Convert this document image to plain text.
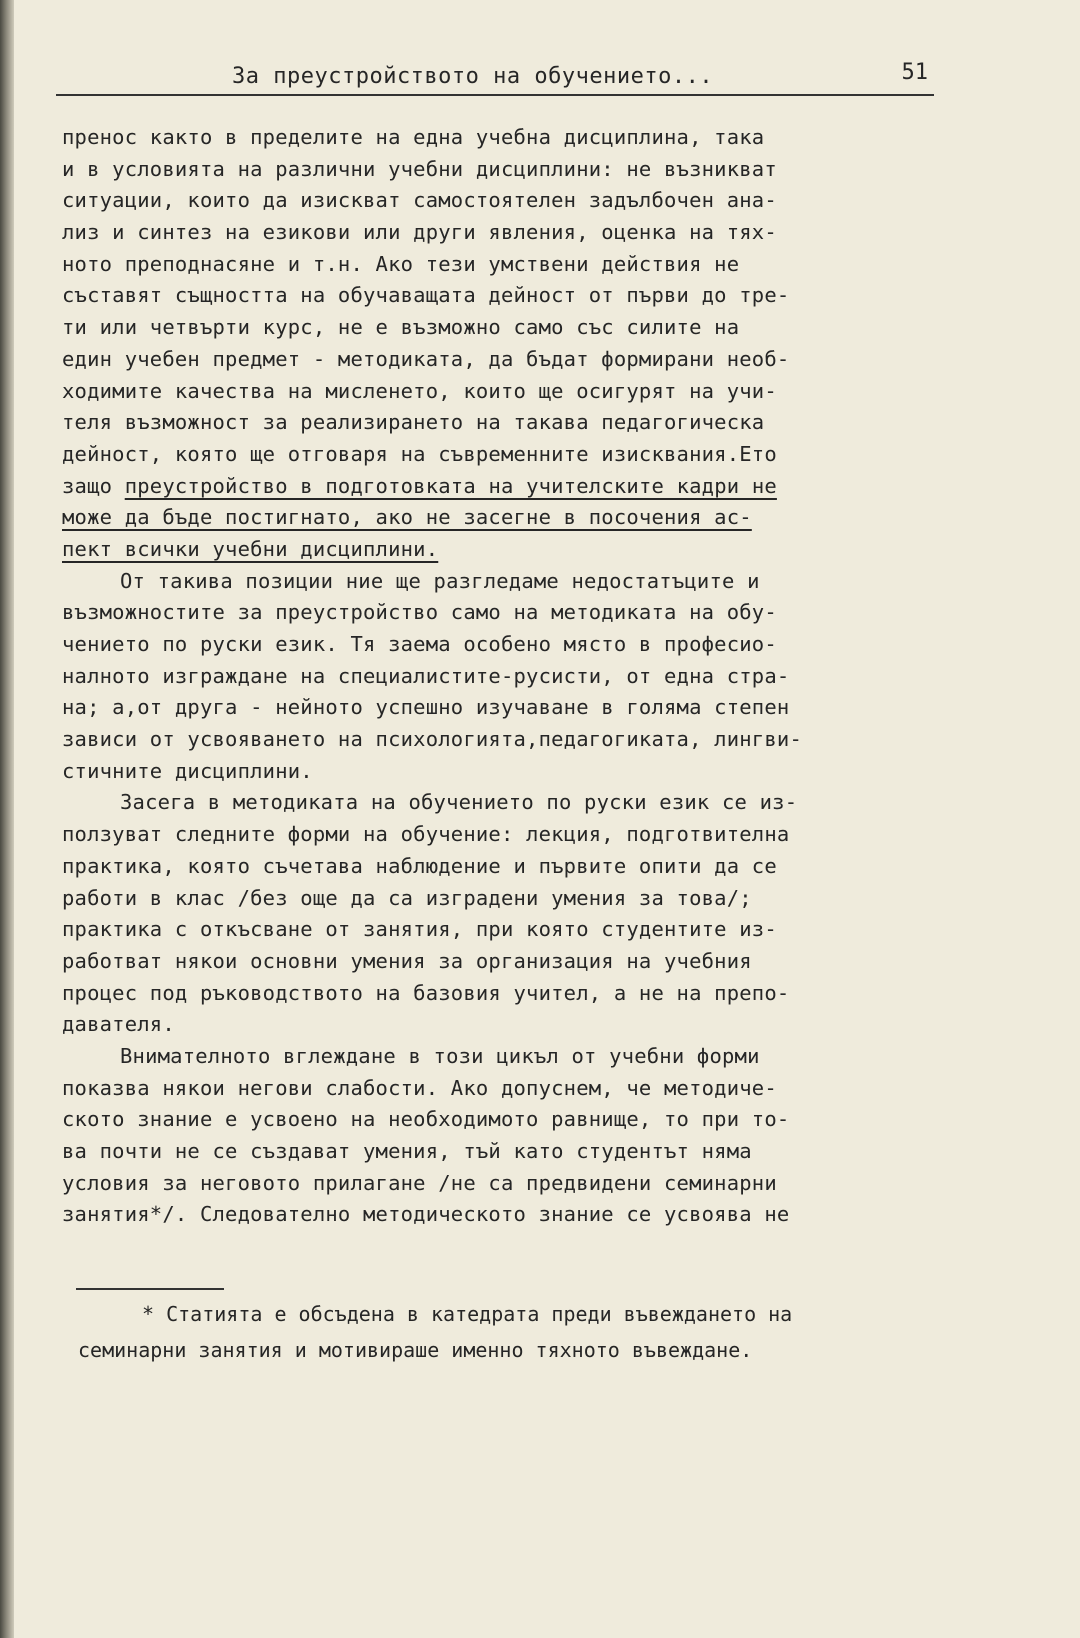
За преустройството на обучението...	51
пренос както в пределите на една учебна дисциплина, така
и в условията на различни учебни дисциплини: не възникват
ситуации, които да изискват самостоятелен задълбочен ана-
лиз и синтез на езикови или други явления, оценка на тях-
ното преподнасяне и т.н. Ако тези умствени действия не
съставят същността на обучаващата дейност от първи до тре-
ти или четвърти курс, не е възможно само със силите на
един учебен предмет - методиката, да бъдат формирани необ-
ходимите качества на мисленето, които ще осигурят на учи-
теля възможност за реализирането на такава педагогическа
дейност, която ще отговаря на съвременните изисквания.Ето
защо преустройство в подготовката на учителските кадри не
може да бъде постигнато, ако не засегне в посочения ас-
пект всички учебни дисциплини.
От такива позиции ние ще разгледаме недостатъците и
възможностите за преустройство само на методиката на обу-
чението по руски език. Тя заема особено място в професио-
налното изграждане на специалистите-русисти, от една стра-
на; а,от друга - нейното успешно изучаване в голяма степен
зависи от усвояването на психологията,педагогиката, лингви-
стичните дисциплини.
Засега в методиката на обучението по руски език се из-
ползуват следните форми на обучение: лекция, подготвителна
практика, която съчетава наблюдение и първите опити да се
работи в клас /без още да са изградени умения за това/;
практика с откъсване от занятия, при която студентите из-
работват някои основни умения за организация на учебния
процес под ръководството на базовия учител, а не на препо-
давателя.
Внимателното вглеждане в този цикъл от учебни форми
показва някои негови слабости. Ако допуснем, че методиче-
ското знание е усвоено на необходимото равнище, то при то-
ва почти не се създават умения, тъй като студентът няма
условия за неговото прилагане /не са предвидени семинарни
занятия*/. Следователно методическото знание се усвоява не
* Статията е обсъдена в катедрата преди въвеждането на
семинарни занятия и мотивираше именно тяхното въвеждане.
